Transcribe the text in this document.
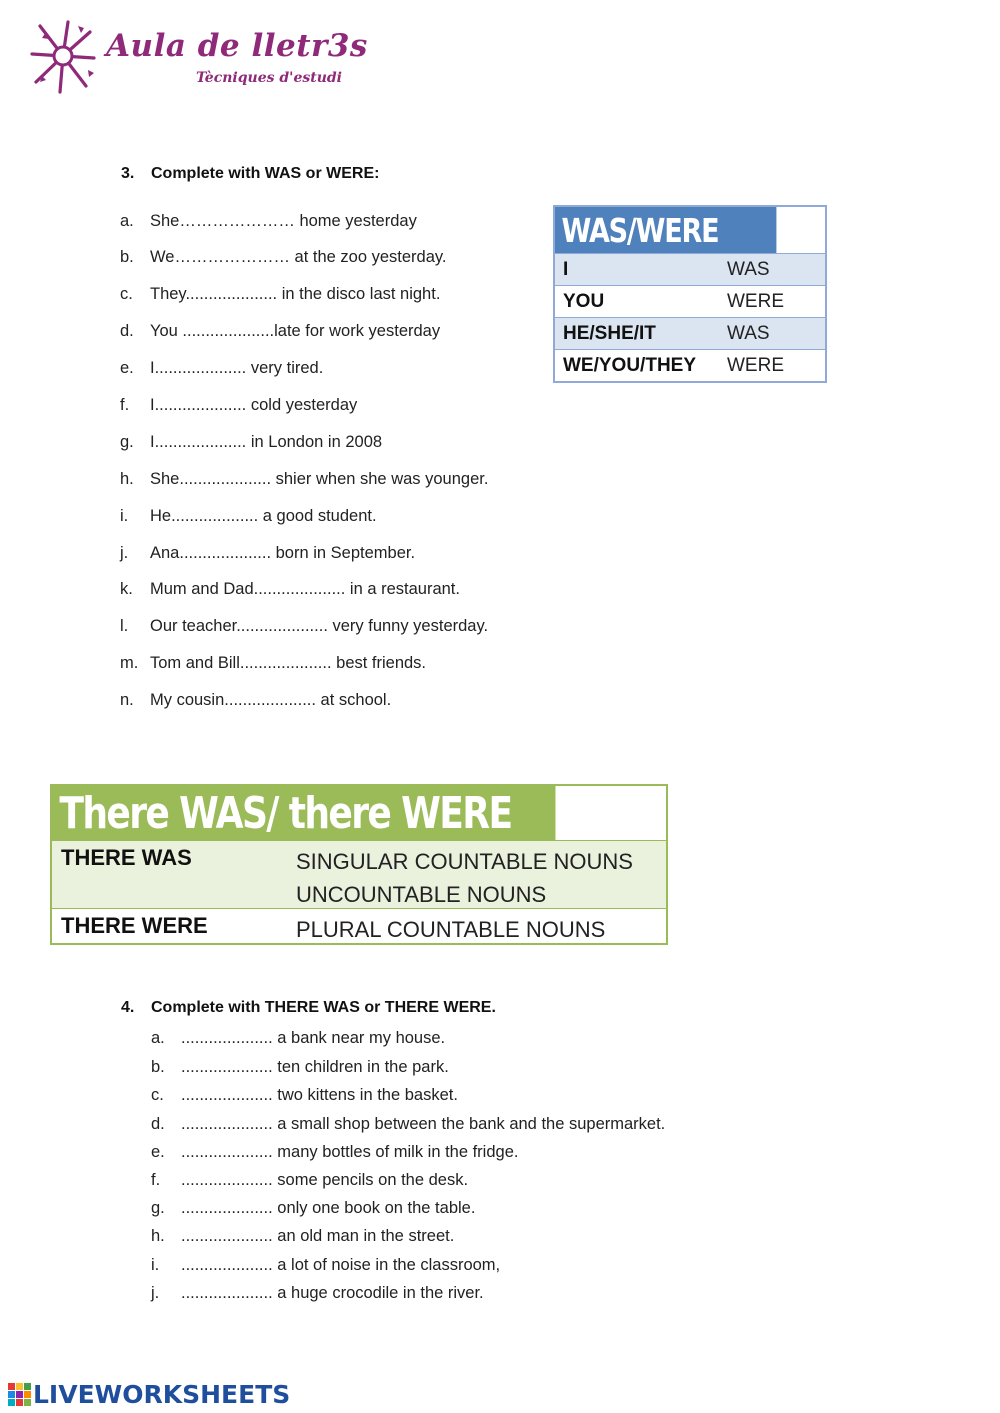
Aula de lletr3s
Tècniques d'estudi
3. Complete with WAS or WERE:
a. She………………… home yesterday
b. We………………… at the zoo yesterday.
c. They.................... in the disco last night.
d. You ....................late for work yesterday
e. I.................... very tired.
f. I.................... cold yesterday
g. I.................... in London in 2008
h. She.................... shier when she was younger.
i. He................... a good student.
j. Ana.................... born in September.
k. Mum and Dad.................... in a restaurant.
l. Our teacher.................... very funny yesterday.
m. Tom and Bill.................... best friends.
n. My cousin.................... at school.
WAS/WERE
I	WAS
YOU	WERE
HE/SHE/IT	WAS
WE/YOU/THEY WERE
There WAS/ there WERE
THERE WAS	SINGULAR COUNTABLE NOUNS
UNCOUNTABLE NOUNS
THERE WERE	PLURAL COUNTABLE NOUNS
4. Complete with THERE WAS or THERE WERE.
a. .................... a bank near my house.
b. .................... ten children in the park.
c. .................... two kittens in the basket.
d. .................... a small shop between the bank and the supermarket.
e. .................... many bottles of milk in the fridge.
f. .................... some pencils on the desk.
g. .................... only one book on the table.
h. .................... an old man in the street.
i. .................... a lot of noise in the classroom,
j. .................... a huge crocodile in the river.
LIVEWORKSHEETS
